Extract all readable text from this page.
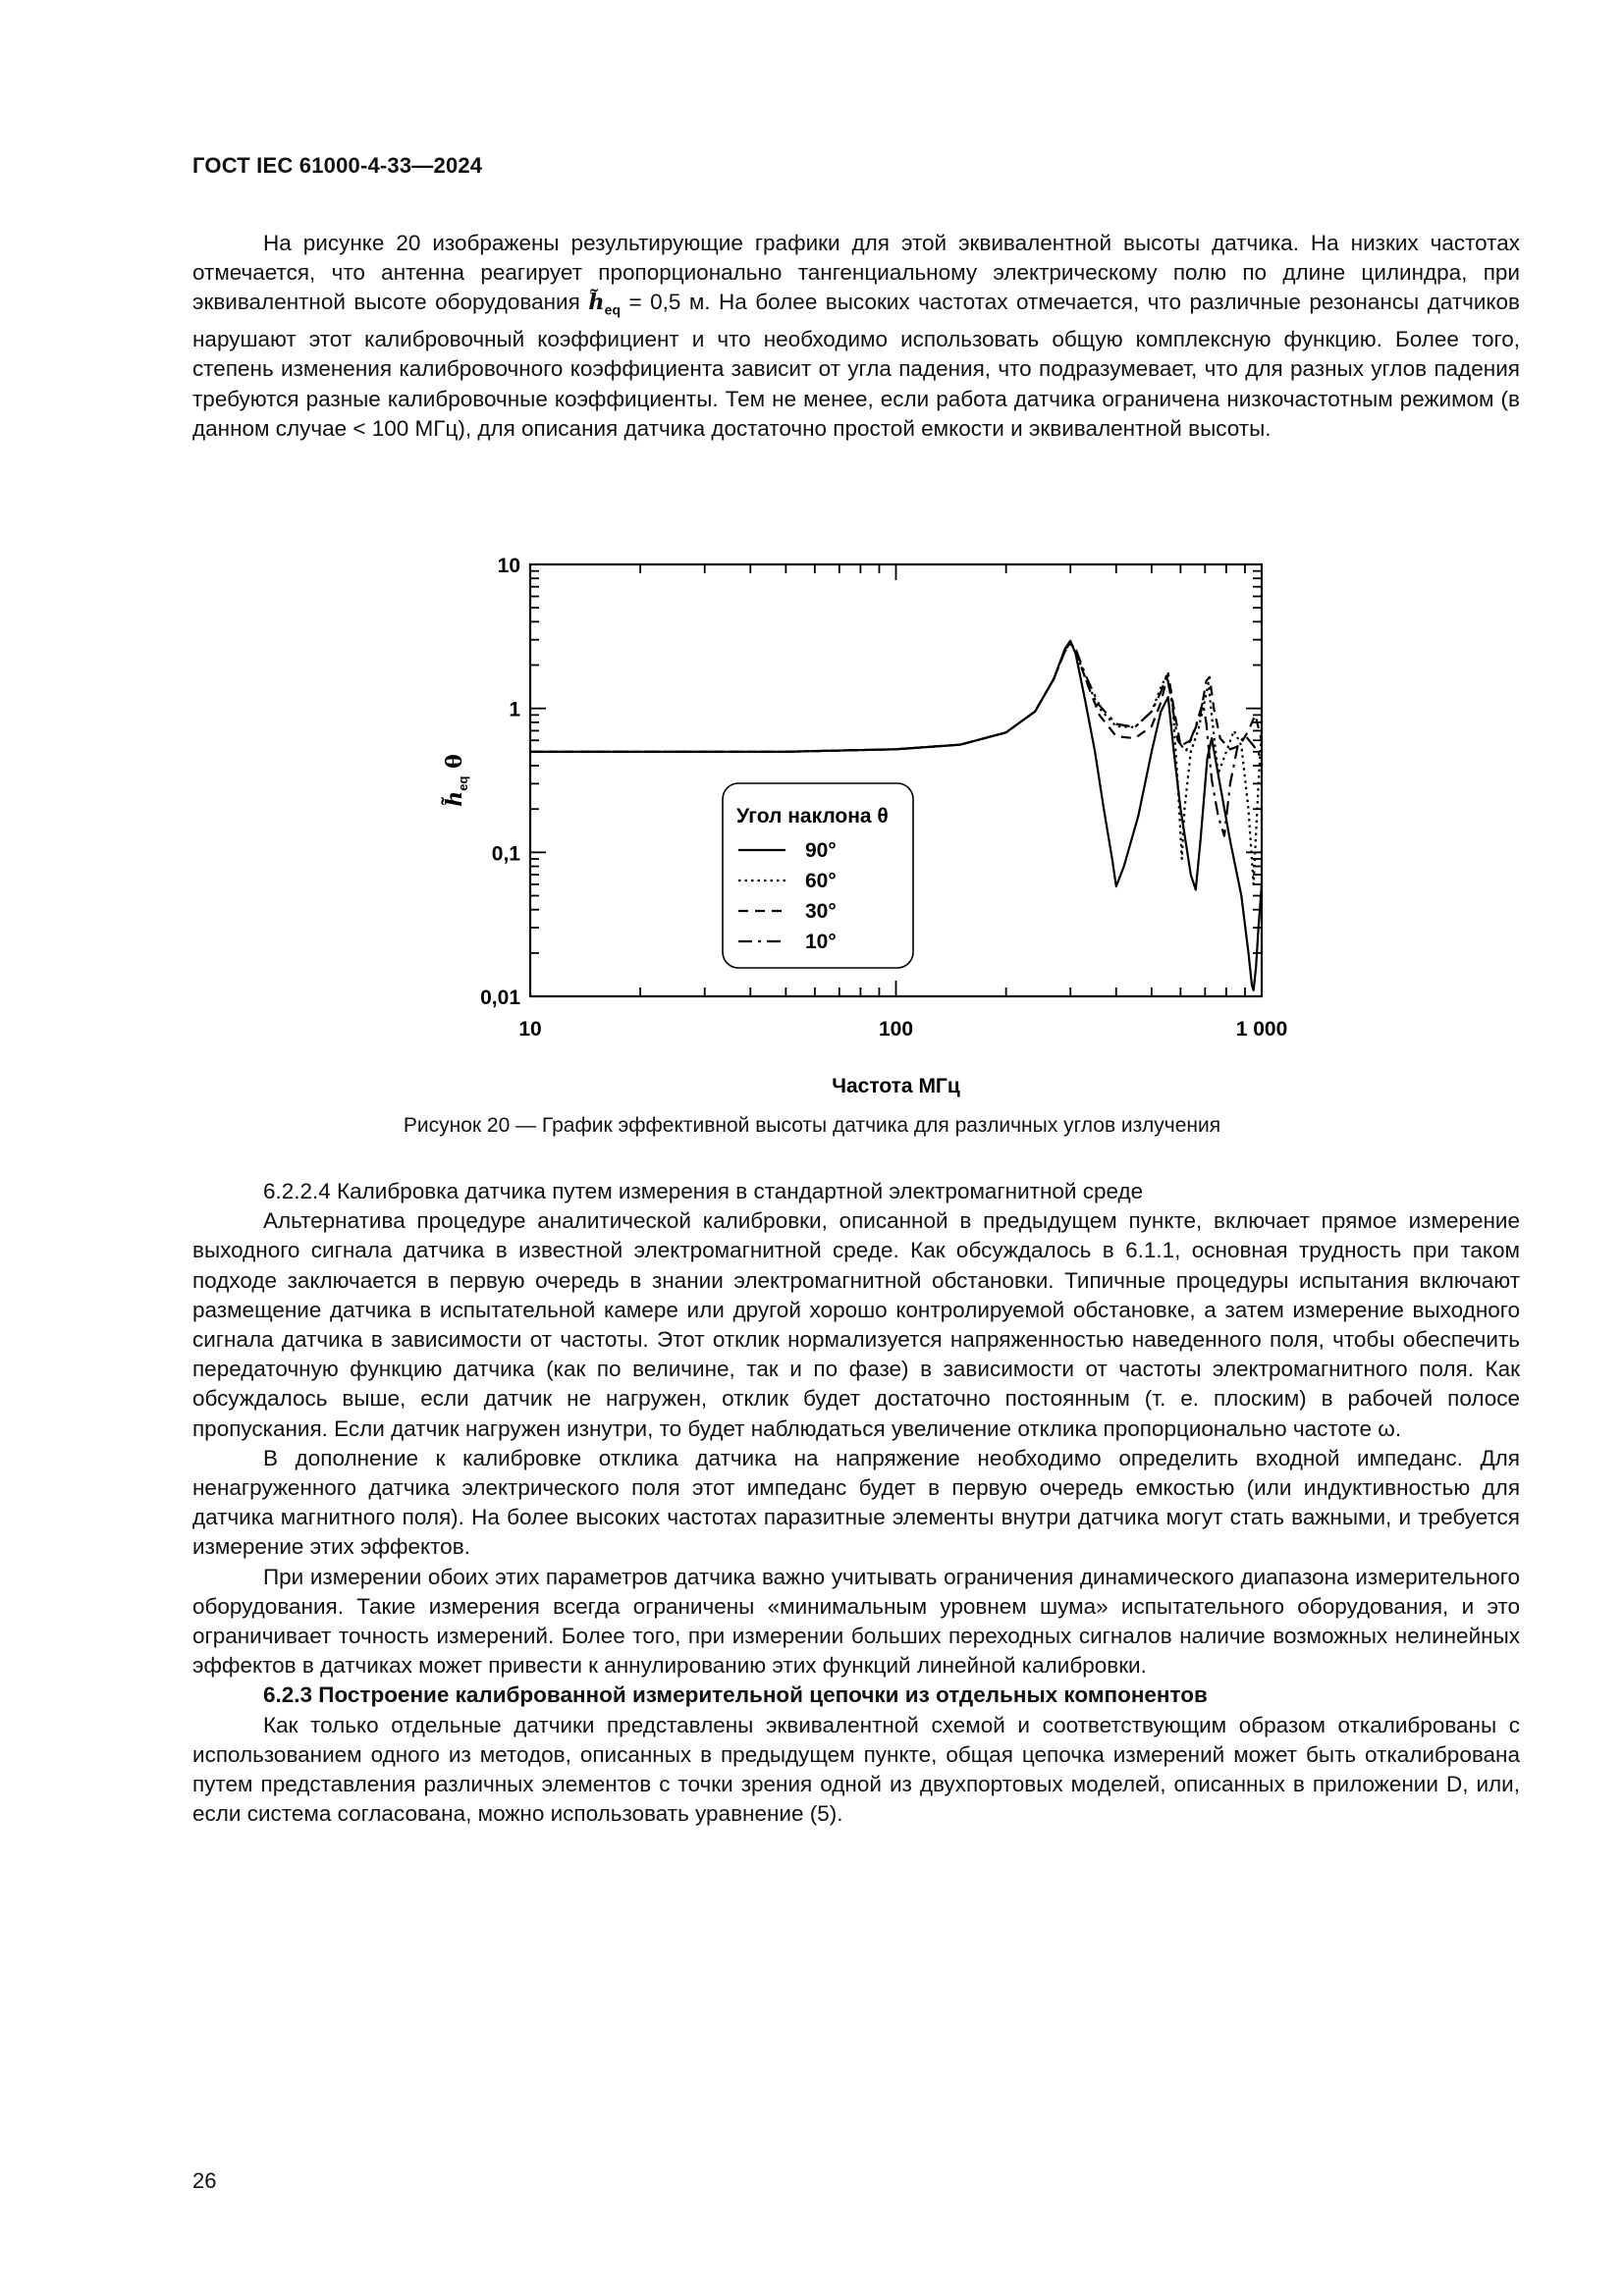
ГОСТ IEC 61000-4-33—2024

На рисунке 20 изображены результирующие графики для этой эквивалентной высоты датчика. На низких частотах отмечается, что антенна реагирует пропорционально тангенциальному электрическому полю по длине цилиндра, при эквивалентной высоте оборудования $h̃_{eq} = 0,5$ м. На более высоких частотах отмечается, что различные резонансы датчиков нарушают этот калибровочный коэффициент и что необходимо использовать общую комплексную функцию. Более того, степень изменения калибровочного коэффициента зависит от угла падения, что подразумевает, что для разных углов падения требуются разные калибровочные коэффициенты. Тем не менее, если работа датчика ограничена низкочастотным режимом (в данном случае < 100 МГц), для описания датчика достаточно простой емкости и эквивалентной высоты.

10	100	1 000
0,01
0,1
1
10
Частота МГц
$h̃_{eq}$ θ
Угол наклона θ
90°
60°
30°
10°
Рисунок 20 — График эффективной высоты датчика для различных углов излучения

6.2.2.4 Калибровка датчика путем измерения в стандартной электромагнитной среде

Альтернатива процедуре аналитической калибровки, описанной в предыдущем пункте, включает прямое измерение выходного сигнала датчика в известной электромагнитной среде. Как обсуждалось в 6.1.1, основная трудность при таком подходе заключается в первую очередь в знании электромагнитной обстановки. Типичные процедуры испытания включают размещение датчика в испытательной камере или другой хорошо контролируемой обстановке, а затем измерение выходного сигнала датчика в зависимости от частоты. Этот отклик нормализуется напряженностью наведенного поля, чтобы обеспечить передаточную функцию датчика (как по величине, так и по фазе) в зависимости от частоты электромагнитного поля. Как обсуждалось выше, если датчик не нагружен, отклик будет достаточно постоянным (т. е. плоским) в рабочей полосе пропускания. Если датчик нагружен изнутри, то будет наблюдаться увеличение отклика пропорционально частоте ω.

В дополнение к калибровке отклика датчика на напряжение необходимо определить входной импеданс. Для ненагруженного датчика электрического поля этот импеданс будет в первую очередь емкостью (или индуктивностью для датчика магнитного поля). На более высоких частотах паразитные элементы внутри датчика могут стать важными, и требуется измерение этих эффектов.

При измерении обоих этих параметров датчика важно учитывать ограничения динамического диапазона измерительного оборудования. Такие измерения всегда ограничены «минимальным уровнем шума» испытательного оборудования, и это ограничивает точность измерений. Более того, при измерении больших переходных сигналов наличие возможных нелинейных эффектов в датчиках может привести к аннулированию этих функций линейной калибровки.

6.2.3 Построение калиброванной измерительной цепочки из отдельных компонентов

Как только отдельные датчики представлены эквивалентной схемой и соответствующим образом откалиброваны с использованием одного из методов, описанных в предыдущем пункте, общая цепочка измерений может быть откалибрована путем представления различных элементов с точки зрения одной из двухпортовых моделей, описанных в приложении D, или, если система согласована, можно использовать уравнение (5).

26
